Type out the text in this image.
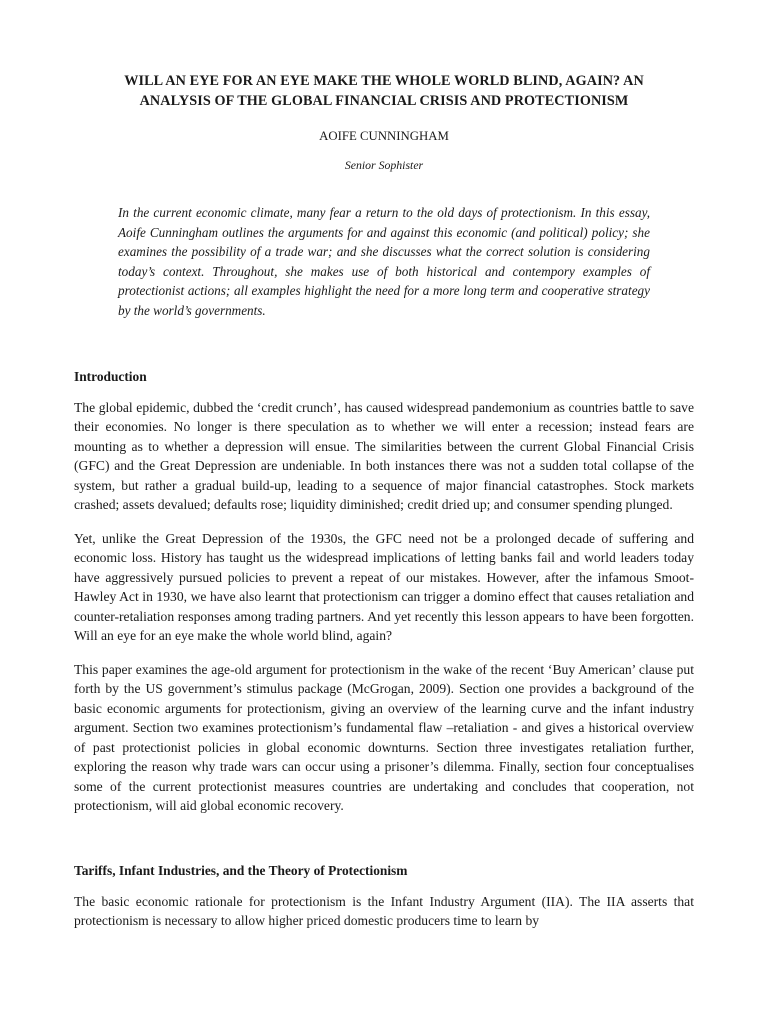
WILL AN EYE FOR AN EYE MAKE THE WHOLE WORLD BLIND, AGAIN? AN
ANALYSIS OF THE GLOBAL FINANCIAL CRISIS AND PROTECTIONISM
AOIFE CUNNINGHAM
Senior Sophister
In the current economic climate, many fear a return to the old days of protectionism. In this essay, Aoife Cunningham outlines the arguments for and against this economic (and political) policy; she examines the possibility of a trade war; and she discusses what the correct solution is considering today’s context. Throughout, she makes use of both historical and contempory examples of protectionist actions; all examples highlight the need for a more long term and cooperative strategy by the world’s governments.
Introduction

The global epidemic, dubbed the ‘credit crunch’, has caused widespread pandemonium as countries battle to save their economies. No longer is there speculation as to whether we will enter a recession; instead fears are mounting as to whether a depression will ensue. The similarities between the current Global Financial Crisis (GFC) and the Great Depression are undeniable. In both instances there was not a sudden total collapse of the system, but rather a gradual build-up, leading to a sequence of major financial catastrophes. Stock markets crashed; assets devalued; defaults rose; liquidity diminished; credit dried up; and consumer spending plunged.

Yet, unlike the Great Depression of the 1930s, the GFC need not be a prolonged decade of suffering and economic loss. History has taught us the widespread implications of letting banks fail and world leaders today have aggressively pursued policies to prevent a repeat of our mistakes. However, after the infamous Smoot-Hawley Act in 1930, we have also learnt that protectionism can trigger a domino effect that causes retaliation and counter-retaliation responses among trading partners. And yet recently this lesson appears to have been forgotten. Will an eye for an eye make the whole world blind, again?

This paper examines the age-old argument for protectionism in the wake of the recent ‘Buy American’ clause put forth by the US government’s stimulus package (McGrogan, 2009). Section one provides a background of the basic economic arguments for protectionism, giving an overview of the learning curve and the infant industry argument. Section two examines protectionism’s fundamental flaw –retaliation - and gives a historical overview of past protectionist policies in global economic downturns. Section three investigates retaliation further, exploring the reason why trade wars can occur using a prisoner’s dilemma. Finally, section four conceptualises some of the current protectionist measures countries are undertaking and concludes that cooperation, not protectionism, will aid global economic recovery.

Tariffs, Infant Industries, and the Theory of Protectionism

The basic economic rationale for protectionism is the Infant Industry Argument (IIA). The IIA asserts that protectionism is necessary to allow higher priced domestic producers time to learn by
